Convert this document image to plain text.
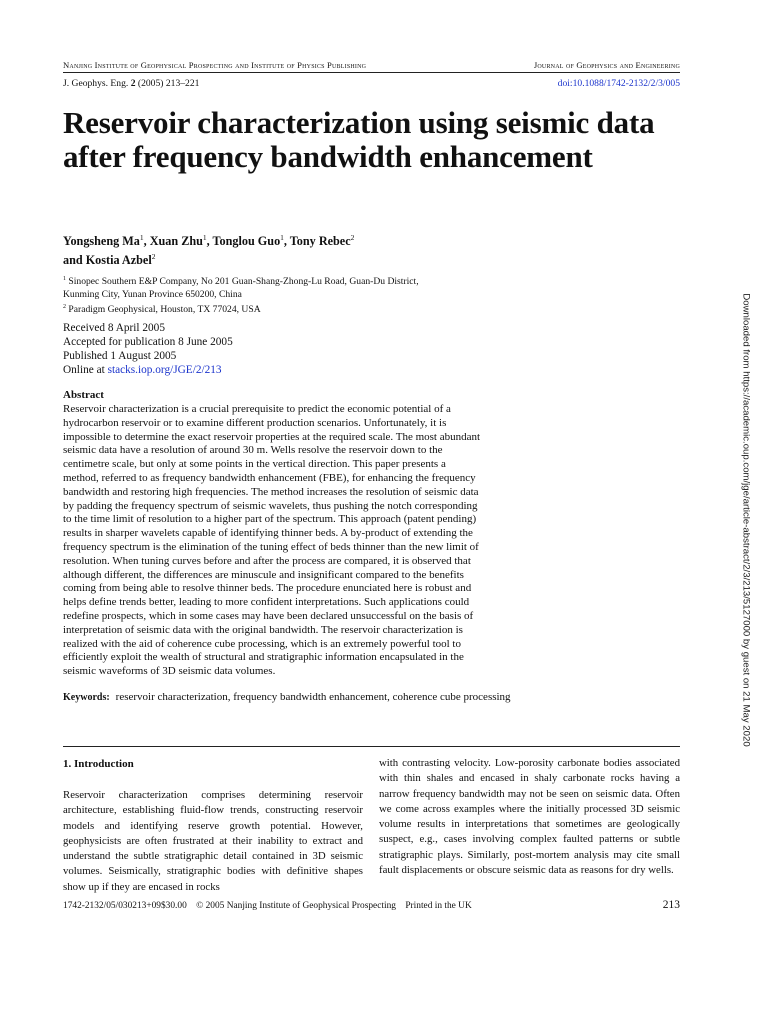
Nanjing Institute of Geophysical Prospecting and Institute of Physics Publishing	Journal of Geophysics and Engineering
J. Geophys. Eng. 2 (2005) 213–221	doi:10.1088/1742-2132/2/3/005
Reservoir characterization using seismic data after frequency bandwidth enhancement
Yongsheng Ma$^1$, Xuan Zhu$^1$, Tonglou Guo$^1$, Tony Rebec$^2$
and Kostia Azbel$^2$
$^1$ Sinopec Southern E&P Company, No 201 Guan-Shang-Zhong-Lu Road, Guan-Du District,
Kunming City, Yunan Province 650200, China
$^2$ Paradigm Geophysical, Houston, TX 77024, USA
Received 8 April 2005
Accepted for publication 8 June 2005
Published 1 August 2005
Online at stacks.iop.org/JGE/2/213
Abstract
Reservoir characterization is a crucial prerequisite to predict the economic potential of a
hydrocarbon reservoir or to examine different production scenarios. Unfortunately, it is
impossible to determine the exact reservoir properties at the required scale. The most abundant
seismic data have a resolution of around 30 m. Wells resolve the reservoir down to the
centimetre scale, but only at some points in the vertical direction. This paper presents a
method, referred to as frequency bandwidth enhancement (FBE), for enhancing the frequency
bandwidth and restoring high frequencies. The method increases the resolution of seismic data
by padding the frequency spectrum of seismic wavelets, thus pushing the notch corresponding
to the time limit of resolution to a higher part of the spectrum. This approach (patent pending)
results in sharper wavelets capable of identifying thinner beds. A by-product of extending the
frequency spectrum is the elimination of the tuning effect of beds thinner than the new limit of
resolution. When tuning curves before and after the process are compared, it is observed that
although different, the differences are minuscule and insignificant compared to the benefits
coming from being able to resolve thinner beds. The procedure enunciated here is robust and
helps define trends better, leading to more confident interpretations. Such applications could
redefine prospects, which in some cases may have been declared unsuccessful on the basis of
interpretation of seismic data with the original bandwidth. The reservoir characterization is
realized with the aid of coherence cube processing, which is an extremely powerful tool to
efficiently exploit the wealth of structural and stratigraphic information encapsulated in the
seismic waveforms of 3D seismic data volumes.
Keywords: reservoir characterization, frequency bandwidth enhancement, coherence cube processing
1. Introduction

Reservoir characterization comprises determining reservoir architecture, establishing fluid-flow trends, constructing reservoir models and identifying reserve growth potential. However, geophysicists are often frustrated at their inability to extract and understand the subtle stratigraphic detail contained in 3D seismic volumes. Seismically, stratigraphic bodies with definitive shapes show up if they are encased in rocks

with contrasting velocity. Low-porosity carbonate bodies associated with thin shales and encased in shaly carbonate rocks having a narrow frequency bandwidth may not be seen on seismic data. Often we come across examples where the initially processed 3D seismic volume results in interpretations that sometimes are geologically suspect, e.g., cases involving complex faulted patterns or subtle stratigraphic plays. Similarly, post-mortem analysis may cite small fault displacements or obscure seismic data as reasons for dry wells.

1742-2132/05/030213+09$30.00    © 2005 Nanjing Institute of Geophysical Prospecting    Printed in the UK	213
Downloaded from https://academic.oup.com/jge/article-abstract/2/3/213/5127000 by guest on 21 May 2020
